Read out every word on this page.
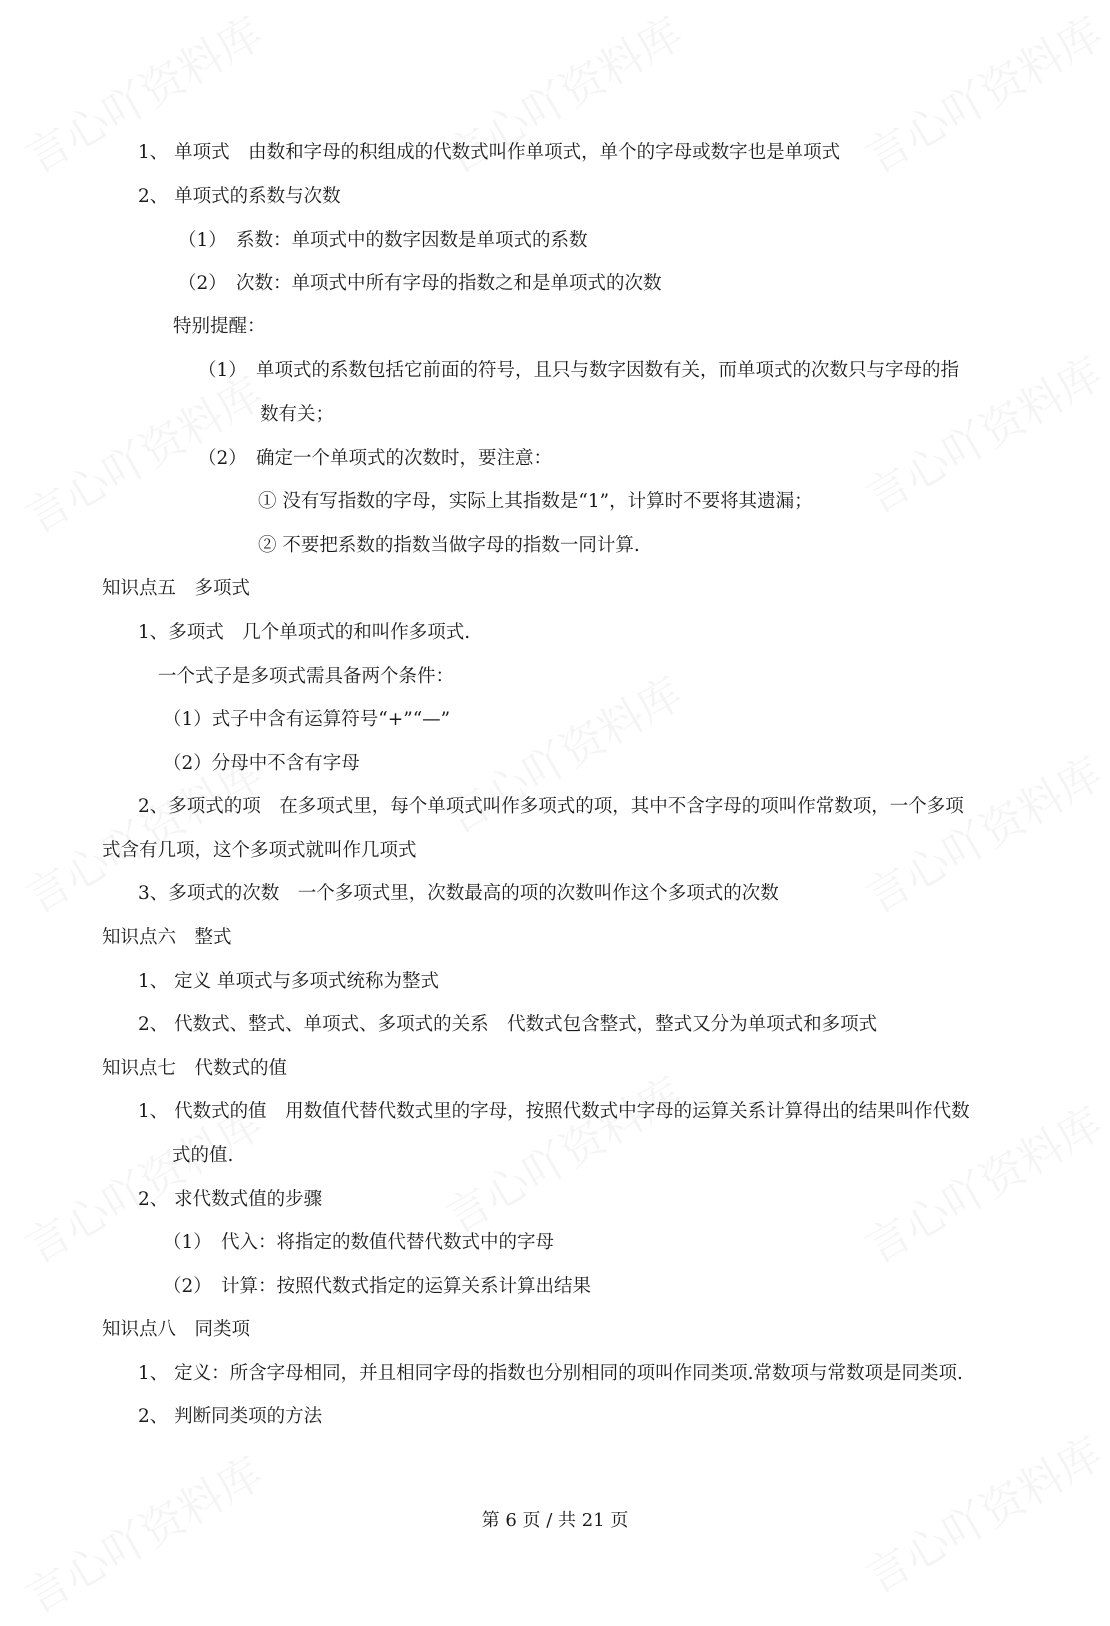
1、 单项式　由数和字母的积组成的代数式叫作单项式，单个的字母或数字也是单项式
2、 单项式的系数与次数
（1）　系数：单项式中的数字因数是单项式的系数
（2）　次数：单项式中所有字母的指数之和是单项式的次数
特别提醒：
（1）　单项式的系数包括它前面的符号，且只与数字因数有关，而单项式的次数只与字母的指
数有关；
（2）　确定一个单项式的次数时，要注意：
① 没有写指数的字母，实际上其指数是“1”，计算时不要将其遗漏；
② 不要把系数的指数当做字母的指数一同计算.
知识点五　多项式
1、多项式　几个单项式的和叫作多项式.
一个式子是多项式需具备两个条件：
（1）式子中含有运算符号“+”“—”
（2）分母中不含有字母
2、多项式的项　在多项式里，每个单项式叫作多项式的项，其中不含字母的项叫作常数项，一个多项
式含有几项，这个多项式就叫作几项式
3、多项式的次数　一个多项式里，次数最高的项的次数叫作这个多项式的次数
知识点六　整式
1、 定义 单项式与多项式统称为整式
2、 代数式、整式、单项式、多项式的关系　代数式包含整式，整式又分为单项式和多项式
知识点七　代数式的值
1、 代数式的值　用数值代替代数式里的字母，按照代数式中字母的运算关系计算得出的结果叫作代数
式的值.
2、 求代数式值的步骤
（1）　代入：将指定的数值代替代数式中的字母
（2）　计算：按照代数式指定的运算关系计算出结果
知识点八　同类项
1、 定义：所含字母相同，并且相同字母的指数也分别相同的项叫作同类项.常数项与常数项是同类项.
2、 判断同类项的方法
第 6 页 / 共 21 页
